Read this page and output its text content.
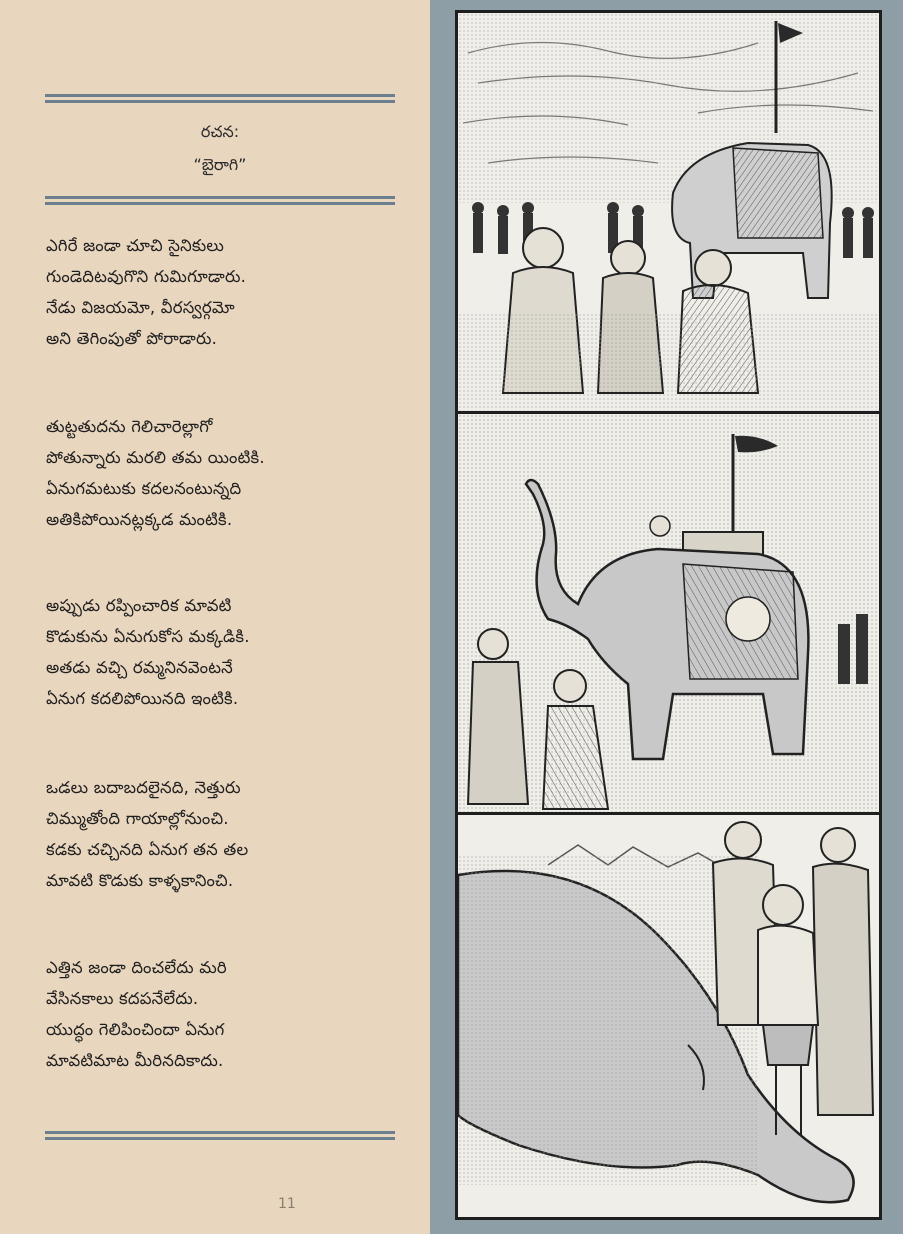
రచన:
“బైరాగి”
ఎగిరే జండా చూచి సైనికులు
గుండెదిటవుగొని గుమిగూడారు.
నేడు విజయమో, వీరస్వర్గమో
అని తెగింపుతో పోరాడారు.
తుట్టతుదను గెలిచారెల్లాగో
పోతున్నారు మరలి తమ యింటికి.
ఏనుగమటుకు కదలనంటున్నది
అతికిపోయినట్లక్కడ మంటికి.
అప్పుడు రప్పించారిక మావటి
కొడుకును ఏనుగుకోస మక్కడికి.
అతడు వచ్చి రమ్మనినవెంటనే
ఏనుగ కదలిపోయినది ఇంటికి.
ఒడలు బదాబదలైనది, నెత్తురు
చిమ్ముతోంది గాయాల్లోనుంచి.
కడకు చచ్చినది ఏనుగ తన తల
మావటి కొడుకు కాళ్ళకానించి.
ఎత్తిన జండా దించలేదు మరి
వేసినకాలు కదపనేలేదు.
యుద్ధం గెలిపించిందా ఏనుగ
మావటిమాట మీరినదికాదు.
11
